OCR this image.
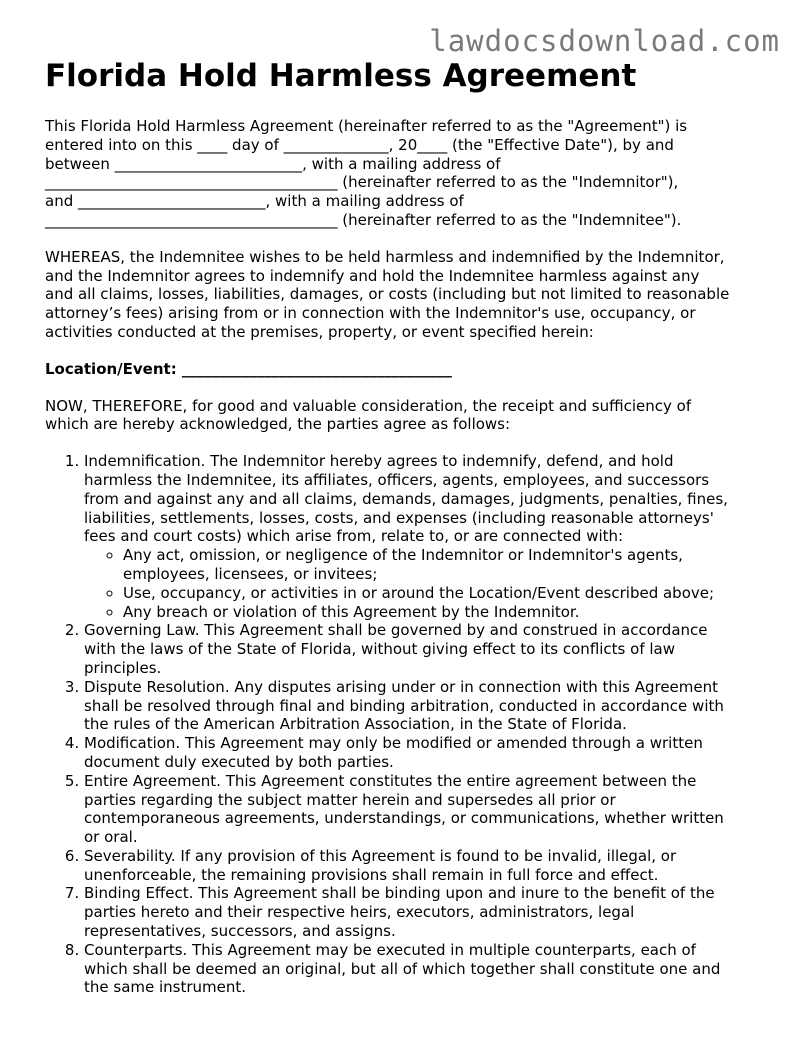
lawdocsdownload.com
Florida Hold Harmless Agreement

This Florida Hold Harmless Agreement (hereinafter referred to as the "Agreement") is
entered into on this ____ day of ______________, 20____ (the "Effective Date"), by and
between _________________________, with a mailing address of
_______________________________________ (hereinafter referred to as the "Indemnitor"),
and _________________________, with a mailing address of
_______________________________________ (hereinafter referred to as the "Indemnitee").

WHEREAS, the Indemnitee wishes to be held harmless and indemnified by the Indemnitor,
and the Indemnitor agrees to indemnify and hold the Indemnitee harmless against any
and all claims, losses, liabilities, damages, or costs (including but not limited to reasonable
attorney’s fees) arising from or in connection with the Indemnitor's use, occupancy, or
activities conducted at the premises, property, or event specified herein:

Location/Event: ____________________________________

NOW, THEREFORE, for good and valuable consideration, the receipt and sufficiency of
which are hereby acknowledged, the parties agree as follows:

1. Indemnification. The Indemnitor hereby agrees to indemnify, defend, and hold
harmless the Indemnitee, its affiliates, officers, agents, employees, and successors
from and against any and all claims, demands, damages, judgments, penalties, fines,
liabilities, settlements, losses, costs, and expenses (including reasonable attorneys'
fees and court costs) which arise from, relate to, or are connected with:
◦ Any act, omission, or negligence of the Indemnitor or Indemnitor's agents,
employees, licensees, or invitees;
◦ Use, occupancy, or activities in or around the Location/Event described above;
◦ Any breach or violation of this Agreement by the Indemnitor.
2. Governing Law. This Agreement shall be governed by and construed in accordance
with the laws of the State of Florida, without giving effect to its conflicts of law
principles.
3. Dispute Resolution. Any disputes arising under or in connection with this Agreement
shall be resolved through final and binding arbitration, conducted in accordance with
the rules of the American Arbitration Association, in the State of Florida.
4. Modification. This Agreement may only be modified or amended through a written
document duly executed by both parties.
5. Entire Agreement. This Agreement constitutes the entire agreement between the
parties regarding the subject matter herein and supersedes all prior or
contemporaneous agreements, understandings, or communications, whether written
or oral.
6. Severability. If any provision of this Agreement is found to be invalid, illegal, or
unenforceable, the remaining provisions shall remain in full force and effect.
7. Binding Effect. This Agreement shall be binding upon and inure to the benefit of the
parties hereto and their respective heirs, executors, administrators, legal
representatives, successors, and assigns.
8. Counterparts. This Agreement may be executed in multiple counterparts, each of
which shall be deemed an original, but all of which together shall constitute one and
the same instrument.
